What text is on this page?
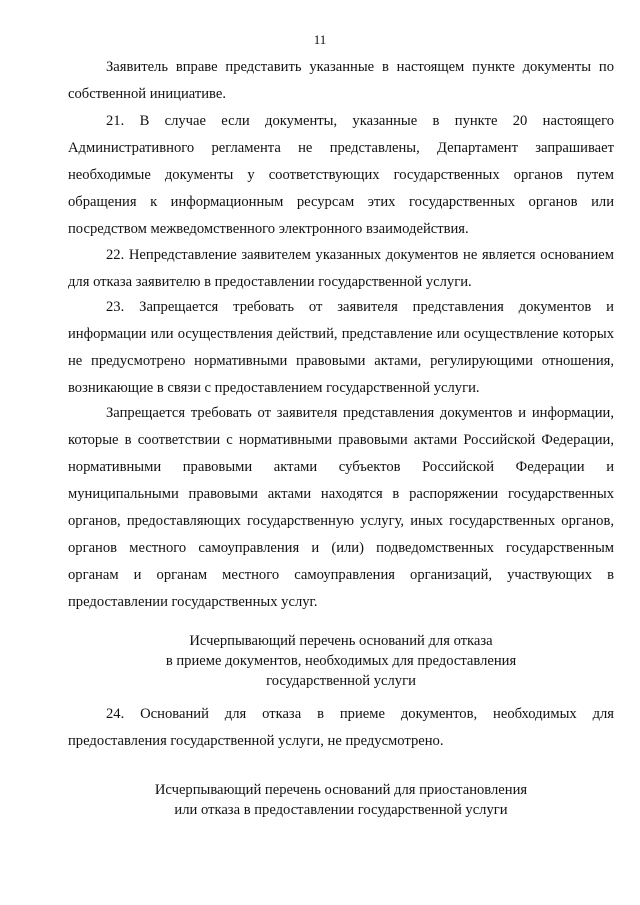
11

Заявитель вправе представить указанные в настоящем пункте документы по собственной инициативе.

21. В случае если документы, указанные в пункте 20 настоящего Административного регламента не представлены, Департамент запрашивает необходимые документы у соответствующих государственных органов путем обращения к информационным ресурсам этих государственных органов или посредством межведомственного электронного взаимодействия.

22. Непредставление заявителем указанных документов не является основанием для отказа заявителю в предоставлении государственной услуги.

23. Запрещается требовать от заявителя представления документов и информации или осуществления действий, представление или осуществление которых не предусмотрено нормативными правовыми актами, регулирующими отношения, возникающие в связи с предоставлением государственной услуги.

Запрещается требовать от заявителя представления документов и информации, которые в соответствии с нормативными правовыми актами Российской Федерации, нормативными правовыми актами субъектов Российской Федерации и муниципальными правовыми актами находятся в распоряжении государственных органов, предоставляющих государственную услугу, иных государственных органов, органов местного самоуправления и (или) подведомственных государственным органам и органам местного самоуправления организаций, участвующих в предоставлении государственных услуг.

Исчерпывающий перечень оснований для отказа
в приеме документов, необходимых для предоставления
государственной услуги

24. Оснований для отказа в приеме документов, необходимых для предоставления государственной услуги, не предусмотрено.

Исчерпывающий перечень оснований для приостановления
или отказа в предоставлении государственной услуги
